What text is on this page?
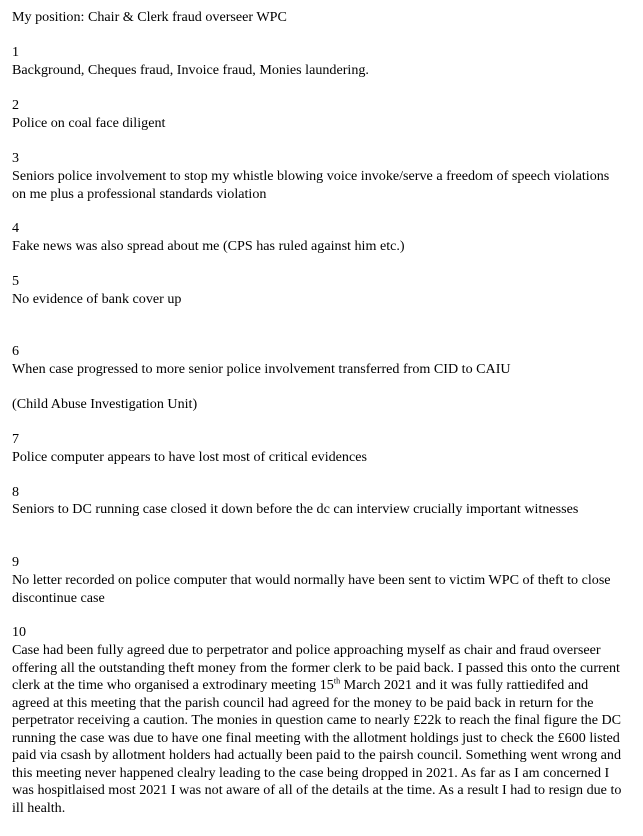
My position: Chair & Clerk fraud overseer WPC
1
Background, Cheques fraud, Invoice fraud, Monies laundering.
2
Police on coal face diligent
3
Seniors police involvement to stop my whistle blowing voice invoke/serve a freedom of speech violations on me plus a professional standards violation
4
Fake news was also spread about me (CPS has ruled against him etc.)
5
No evidence of bank cover up
6
When case progressed to more senior police involvement transferred from CID to CAIU
(Child Abuse Investigation Unit)
7
Police computer appears to have lost most of critical evidences
8
Seniors to DC running case closed it down before the dc can interview crucially important witnesses
9
No letter recorded on police computer that would normally have been sent to victim WPC of theft to close discontinue case
10
Case had been fully agreed due to perpetrator and police approaching myself as chair and fraud overseer offering all the outstanding theft money from the former clerk to be paid back. I passed this onto the current clerk at the time who organised a extrodinary meeting 15th March 2021 and it was fully rattiedifed and agreed at this meeting that the parish council had agreed for the money to be paid back in return for the perpetrator receiving a caution. The monies in question came to nearly £22k to reach the final figure the DC running the case was due to have one final meeting with the allotment holdings just to check the £600 listed paid via csash by allotment holders had actually been paid to the pairsh council. Something went wrong and this meeting never happened clealry leading to the case being dropped in 2021. As far as I am concerned I was hospitlaised most 2021 I was not aware of all of the details at the time. As a result I had to resign due to ill health.
